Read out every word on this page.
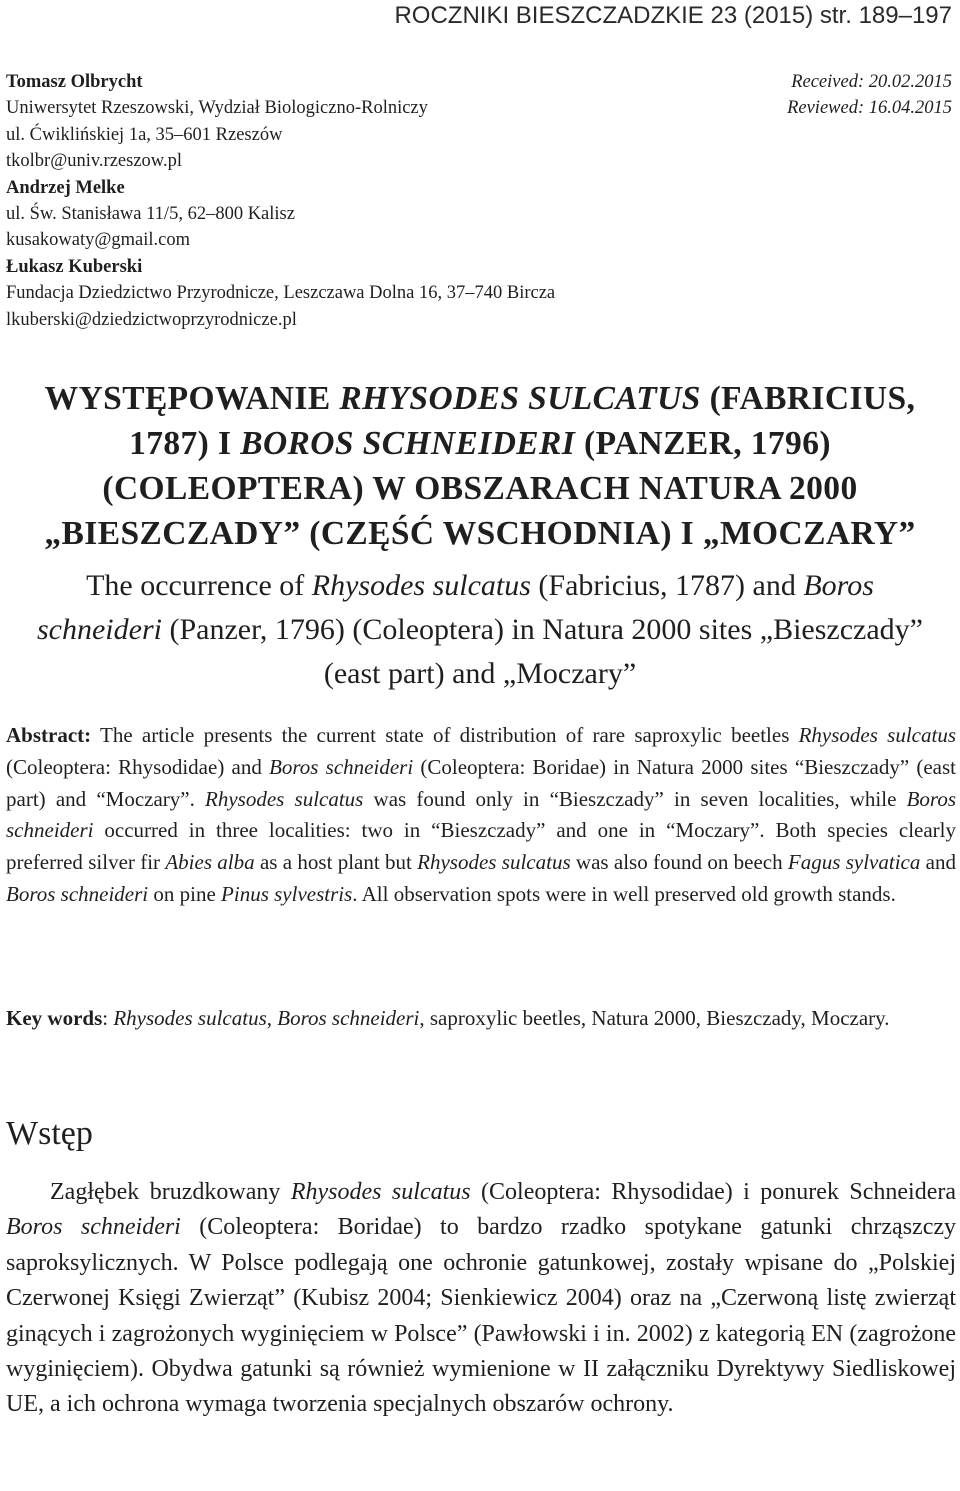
ROCZNIKI BIESZCZADZKIE 23 (2015) str. 189–197
Tomasz Olbrycht
Uniwersytet Rzeszowski, Wydział Biologiczno-Rolniczy
ul. Ćwiklińskiej 1a, 35–601 Rzeszów
tkolbr@univ.rzeszow.pl
Andrzej Melke
ul. Św. Stanisława 11/5, 62–800 Kalisz
kusakowaty@gmail.com
Łukasz Kuberski
Fundacja Dziedzictwo Przyrodnicze, Leszczawa Dolna 16, 37–740 Bircza
lkuberski@dziedzictwoprzyrodnicze.pl
Received: 20.02.2015
Reviewed: 16.04.2015
WYSTĘPOWANIE RHYSODES SULCATUS (FABRICIUS, 1787) I BOROS SCHNEIDERI (PANZER, 1796) (COLEOPTERA) W OBSZARACH NATURA 2000 „BIESZCZADY” (CZĘŚĆ WSCHODNIA) I „MOCZARY”
The occurrence of Rhysodes sulcatus (Fabricius, 1787) and Boros schneideri (Panzer, 1796) (Coleoptera) in Natura 2000 sites „Bieszczady” (east part) and „Moczary”
Abstract: The article presents the current state of distribution of rare saproxylic beetles Rhysodes sulcatus (Coleoptera: Rhysodidae) and Boros schneideri (Coleoptera: Boridae) in Natura 2000 sites “Bieszczady” (east part) and “Moczary”. Rhysodes sulcatus was found only in “Bieszczady” in seven localities, while Boros schneideri occurred in three localities: two in “Bieszczady” and one in “Moczary”. Both species clearly preferred silver fir Abies alba as a host plant but Rhysodes sulcatus was also found on beech Fagus sylvatica and Boros schneideri on pine Pinus sylvestris. All observation spots were in well preserved old growth stands.
Key words: Rhysodes sulcatus, Boros schneideri, saproxylic beetles, Natura 2000, Bieszczady, Moczary.
Wstęp

Zagłębek bruzdkowany Rhysodes sulcatus (Coleoptera: Rhysodidae) i ponurek Schneidera Boros schneideri (Coleoptera: Boridae) to bardzo rzadko spotykane gatunki chrząszczy saproksylicznych. W Polsce podlegają one ochronie gatunkowej, zostały wpisane do „Polskiej Czerwonej Księgi Zwierząt” (Kubisz 2004; Sienkiewicz 2004) oraz na „Czerwoną listę zwierząt ginących i zagrożonych wyginięciem w Polsce” (Pawłowski i in. 2002) z kategorią EN (zagrożone wyginięciem). Obydwa gatunki są również wymienione w II załączniku Dyrektywy Siedliskowej UE, a ich ochrona wymaga tworzenia specjalnych obszarów ochrony.
